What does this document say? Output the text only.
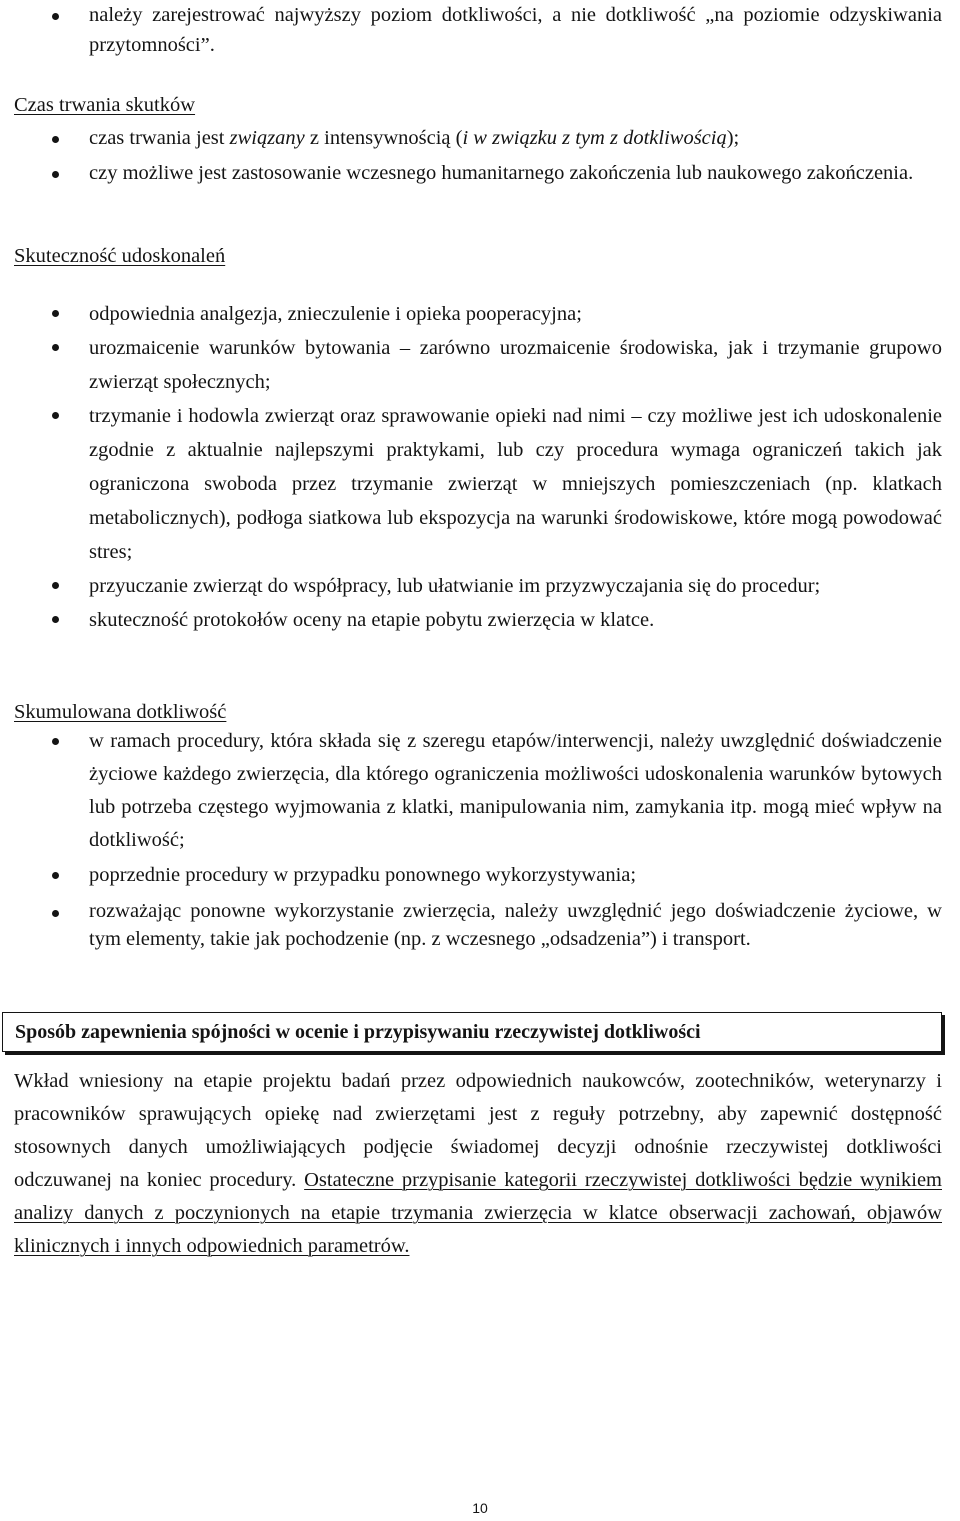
należy zarejestrować najwyższy poziom dotkliwości, a nie dotkliwość „na poziomie odzyskiwania przytomności”.
Czas trwania skutków
czas trwania jest związany z intensywnością (i w związku z tym z dotkliwością);
czy możliwe jest zastosowanie wczesnego humanitarnego zakończenia lub naukowego zakończenia.
Skuteczność udoskonaleń
odpowiednia analgezja, znieczulenie i opieka pooperacyjna;
urozmaicenie warunków bytowania – zarówno urozmaicenie środowiska, jak i trzymanie grupowo zwierząt społecznych;
trzymanie i hodowla zwierząt oraz sprawowanie opieki nad nimi – czy możliwe jest ich udoskonalenie zgodnie z aktualnie najlepszymi praktykami, lub czy procedura wymaga ograniczeń takich jak ograniczona swoboda przez trzymanie zwierząt w mniejszych pomieszczeniach (np. klatkach metabolicznych), podłoga siatkowa lub ekspozycja na warunki środowiskowe, które mogą powodować stres;
przyuczanie zwierząt do współpracy, lub ułatwianie im przyzwyczajania się do procedur;
skuteczność protokołów oceny na etapie pobytu zwierzęcia w klatce.
Skumulowana dotkliwość
w ramach procedury, która składa się z szeregu etapów/interwencji, należy uwzględnić doświadczenie życiowe każdego zwierzęcia, dla którego ograniczenia możliwości udoskonalenia warunków bytowych lub potrzeba częstego wyjmowania z klatki, manipulowania nim, zamykania itp. mogą mieć wpływ na dotkliwość;
poprzednie procedury w przypadku ponownego wykorzystywania;
rozważając ponowne wykorzystanie zwierzęcia, należy uwzględnić jego doświadczenie życiowe, w tym elementy, takie jak pochodzenie (np. z wczesnego „odsadzenia”) i transport.
Sposób zapewnienia spójności w ocenie i przypisywaniu rzeczywistej dotkliwości
Wkład wniesiony na etapie projektu badań przez odpowiednich naukowców, zootechników, weterynarzy i pracowników sprawujących opiekę nad zwierzętami jest z reguły potrzebny, aby zapewnić dostępność stosownych danych umożliwiających podjęcie świadomej decyzji odnośnie rzeczywistej dotkliwości odczuwanej na koniec procedury. Ostateczne przypisanie kategorii rzeczywistej dotkliwości będzie wynikiem analizy danych z poczynionych na etapie trzymania zwierzęcia w klatce obserwacji zachowań, objawów klinicznych i innych odpowiednich parametrów.
10
